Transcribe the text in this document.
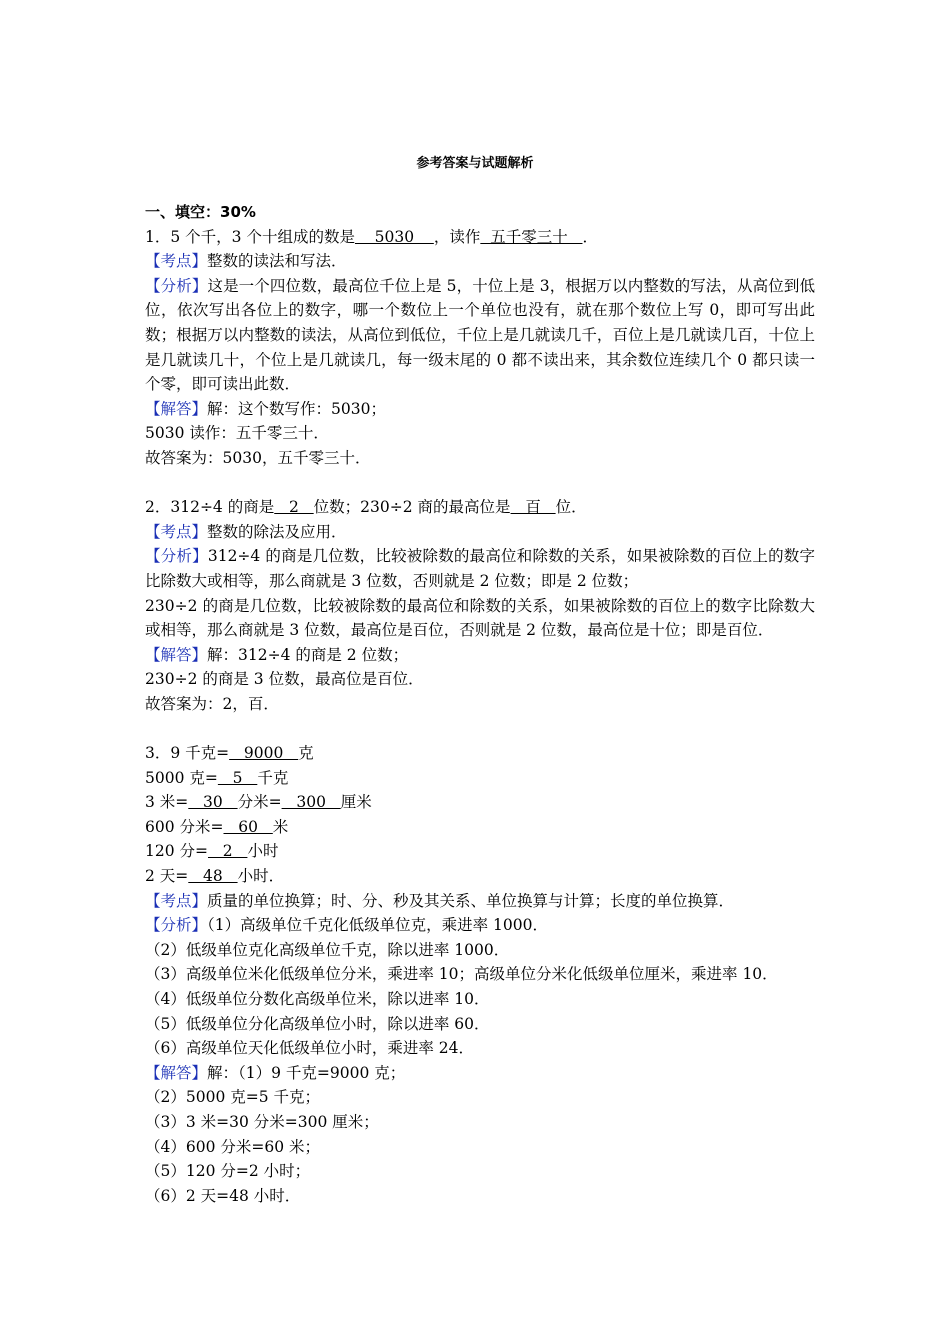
参考答案与试题解析
一、填空：30%
1．5 个千，3 个十组成的数是    5030    ，读作  五千零三十   ．
【考点】整数的读法和写法．
【分析】这是一个四位数，最高位千位上是 5，十位上是 3，根据万以内整数的写法，从高位到低位，依次写出各位上的数字，哪一个数位上一个单位也没有，就在那个数位上写 0，即可写出此数；根据万以内整数的读法，从高位到低位，千位上是几就读几千，百位上是几就读几百，十位上是几就读几十，个位上是几就读几，每一级末尾的 0 都不读出来，其余数位连续几个 0 都只读一个零，即可读出此数．
【解答】解：这个数写作：5030；
5030 读作：五千零三十．
故答案为：5030，五千零三十．
2．312÷4 的商是   2   位数；230÷2 商的最高位是   百   位．
【考点】整数的除法及应用．
【分析】312÷4 的商是几位数，比较被除数的最高位和除数的关系，如果被除数的百位上的数字比除数大或相等，那么商就是 3 位数，否则就是 2 位数；即是 2 位数；
230÷2 的商是几位数，比较被除数的最高位和除数的关系，如果被除数的百位上的数字比除数大或相等，那么商就是 3 位数，最高位是百位，否则就是 2 位数，最高位是十位；即是百位．
【解答】解：312÷4 的商是 2 位数；
230÷2 的商是 3 位数，最高位是百位．
故答案为：2，百．
3．9 千克=   9000   克
5000 克=   5   千克
3 米=   30   分米=   300   厘米
600 分米=   60   米
120 分=   2   小时
2 天=   48   小时．
【考点】质量的单位换算；时、分、秒及其关系、单位换算与计算；长度的单位换算．
【分析】（1）高级单位千克化低级单位克，乘进率 1000．
（2）低级单位克化高级单位千克，除以进率 1000．
（3）高级单位米化低级单位分米，乘进率 10；高级单位分米化低级单位厘米，乘进率 10．
（4）低级单位分数化高级单位米，除以进率 10．
（5）低级单位分化高级单位小时，除以进率 60．
（6）高级单位天化低级单位小时，乘进率 24．
【解答】解：（1）9 千克=9000 克；
（2）5000 克=5 千克；
（3）3 米=30 分米=300 厘米；
（4）600 分米=60 米；
（5）120 分=2 小时；
（6）2 天=48 小时．
